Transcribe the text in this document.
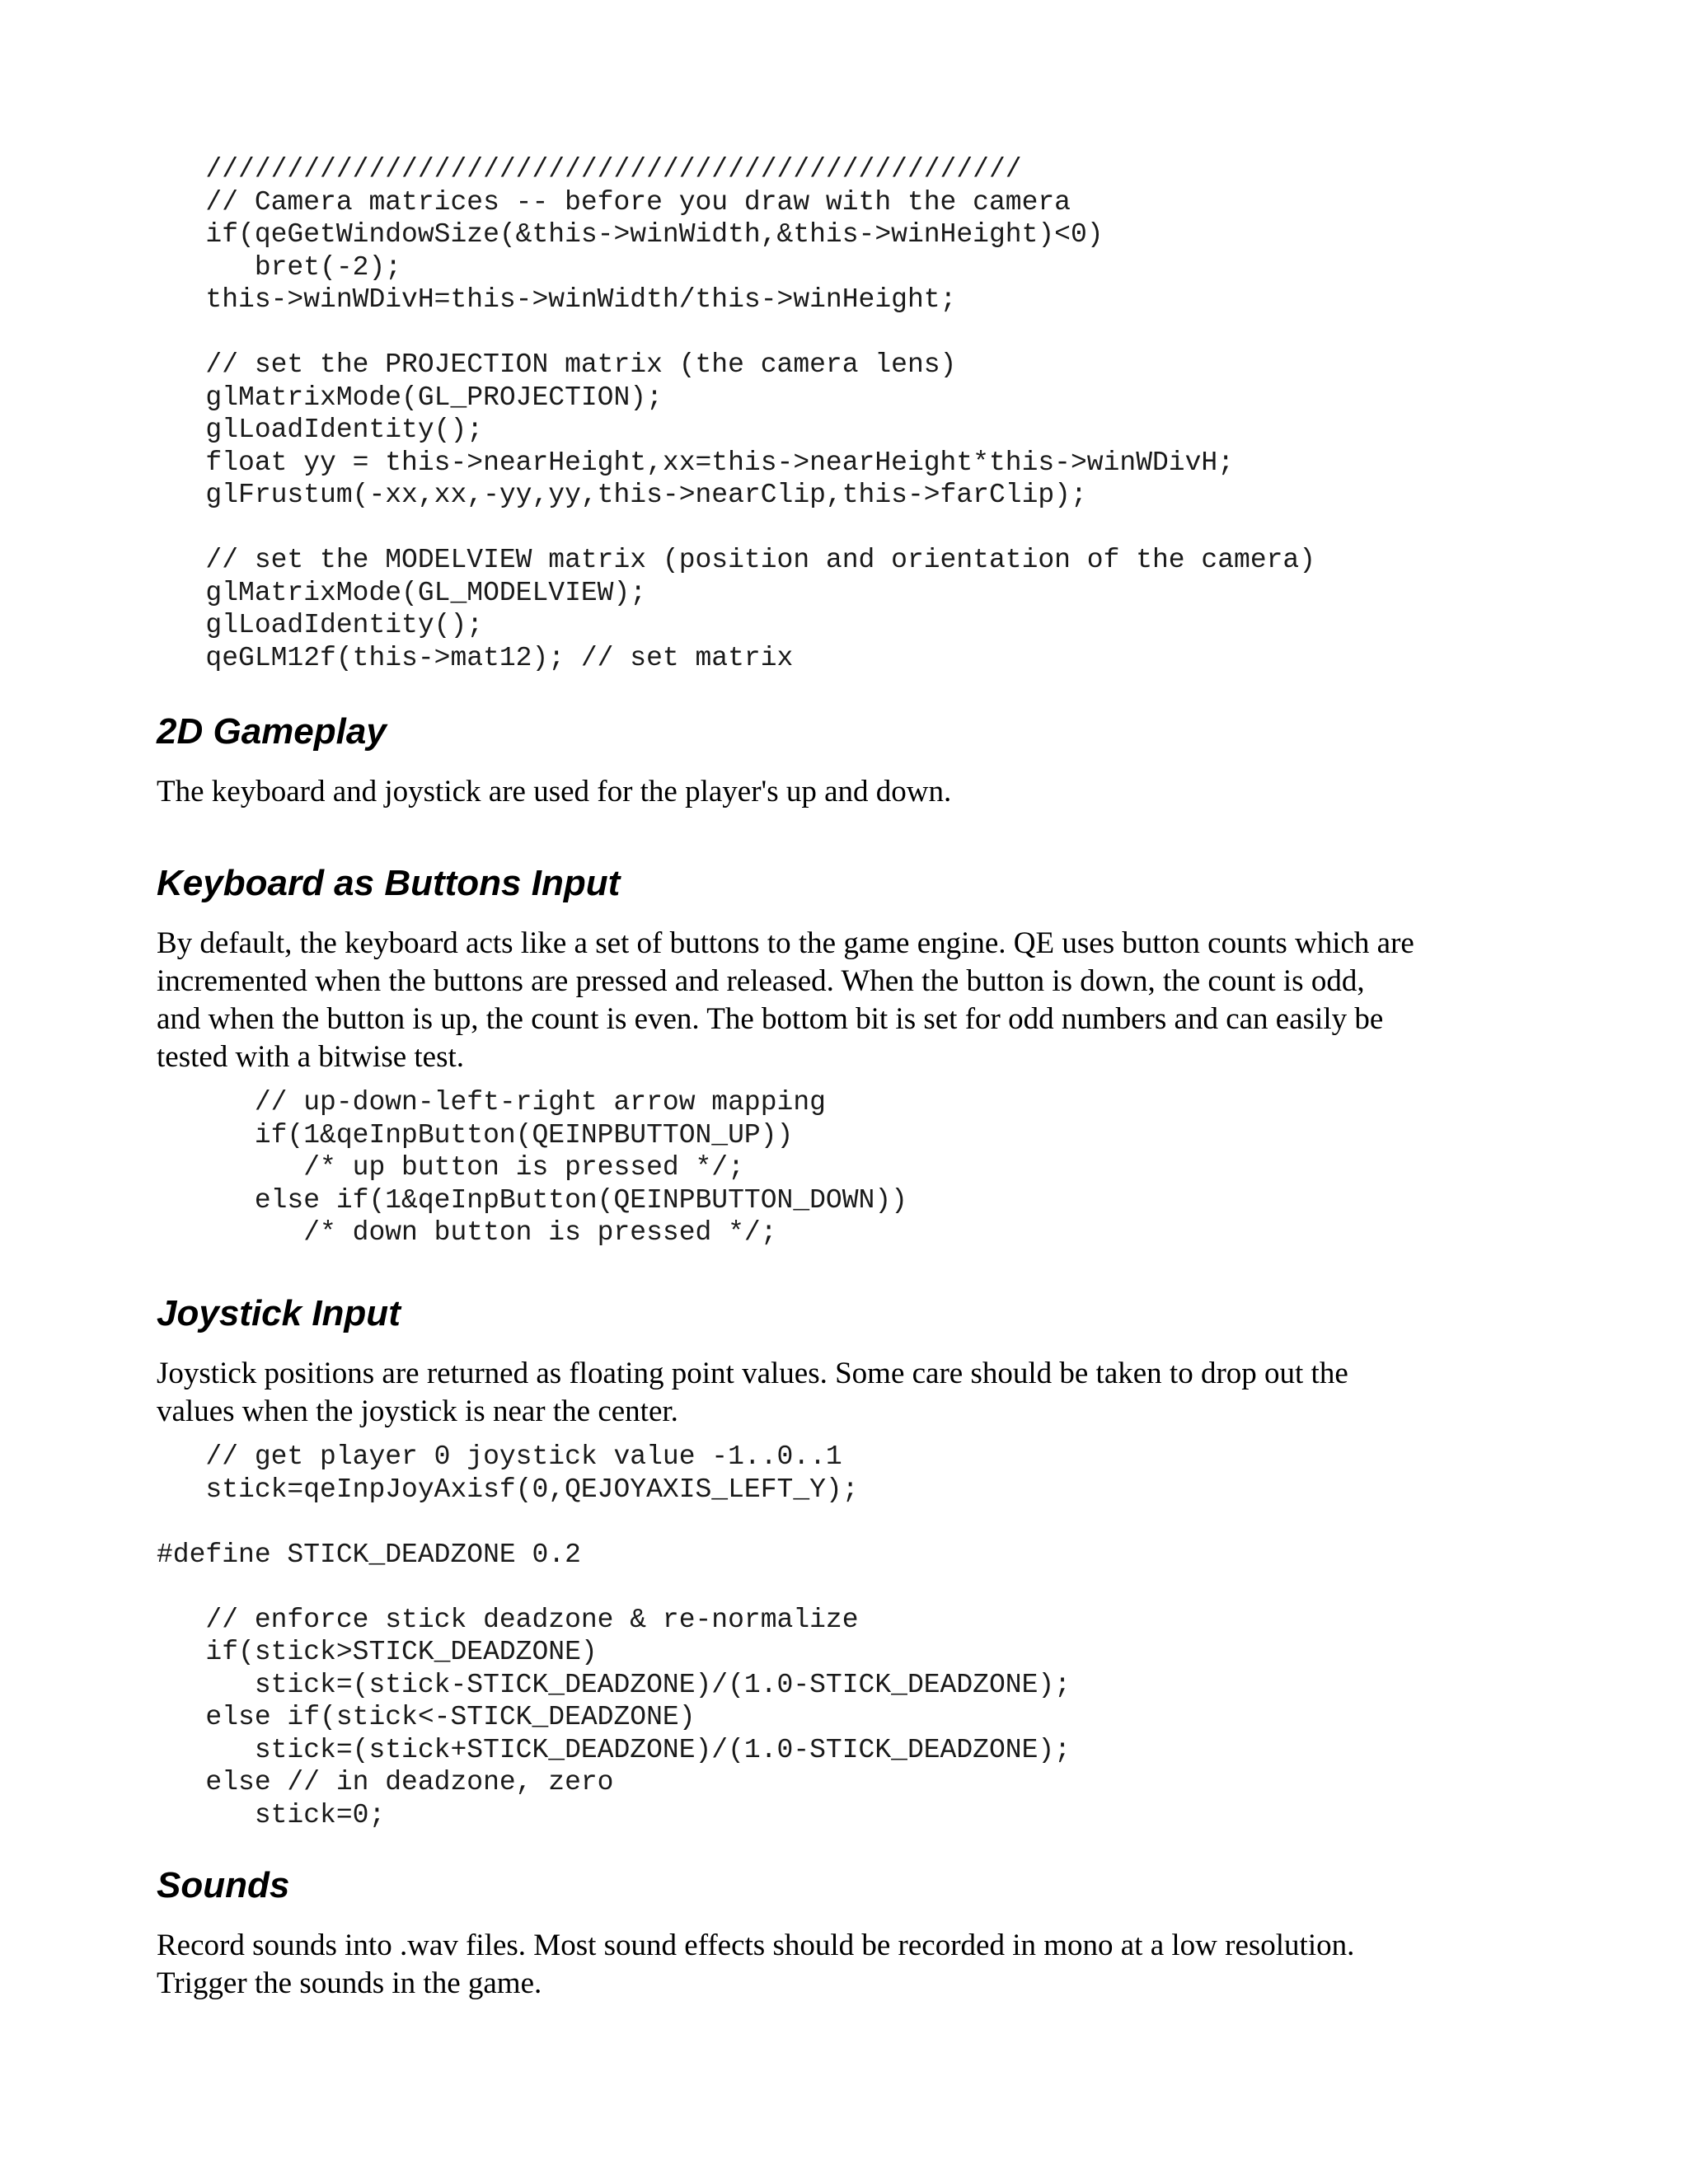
//////////////////////////////////////////////////
// Camera matrices -- before you draw with the camera
if(qeGetWindowSize(&this->winWidth,&this->winHeight)<0)
bret(-2);
this->winWDivH=this->winWidth/this->winHeight;

// set the PROJECTION matrix (the camera lens)
glMatrixMode(GL_PROJECTION);
glLoadIdentity();
float yy = this->nearHeight,xx=this->nearHeight*this->winWDivH;
glFrustum(-xx,xx,-yy,yy,this->nearClip,this->farClip);

// set the MODELVIEW matrix (position and orientation of the camera)
glMatrixMode(GL_MODELVIEW);
glLoadIdentity();
qeGLM12f(this->mat12); // set matrix
2D Gameplay

The keyboard and joystick are used for the player's up and down.

Keyboard as Buttons Input

By default, the keyboard acts like a set of buttons to the game engine. QE uses button counts which are
incremented when the buttons are pressed and released. When the button is down, the count is odd,
and when the button is up, the count is even. The bottom bit is set for odd numbers and can easily be
tested with a bitwise test.

// up-down-left-right arrow mapping
if(1&qeInpButton(QEINPBUTTON_UP))
/* up button is pressed */;
else if(1&qeInpButton(QEINPBUTTON_DOWN))
/* down button is pressed */;
Joystick Input

Joystick positions are returned as floating point values. Some care should be taken to drop out the
values when the joystick is near the center.

// get player 0 joystick value -1..0..1
stick=qeInpJoyAxisf(0,QEJOYAXIS_LEFT_Y);

#define STICK_DEADZONE 0.2

// enforce stick deadzone & re-normalize
if(stick>STICK_DEADZONE)
stick=(stick-STICK_DEADZONE)/(1.0-STICK_DEADZONE);
else if(stick<-STICK_DEADZONE)
stick=(stick+STICK_DEADZONE)/(1.0-STICK_DEADZONE);
else // in deadzone, zero
stick=0;
Sounds

Record sounds into .wav files. Most sound effects should be recorded in mono at a low resolution.
Trigger the sounds in the game.
